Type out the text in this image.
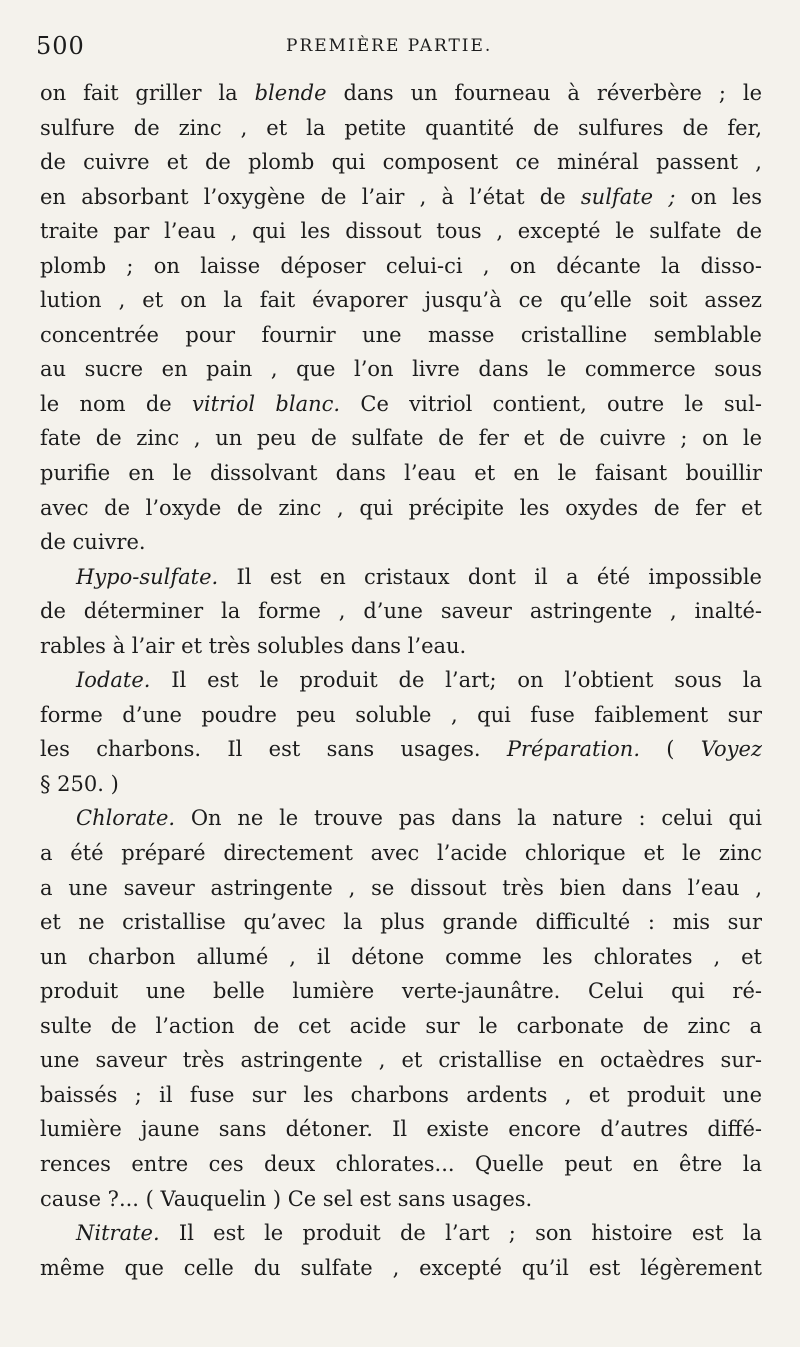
500	PREMIÈRE PARTIE.
on fait griller la blende dans un fourneau à réverbère ; le
sulfure de zinc , et la petite quantité de sulfures de fer,
de cuivre et de plomb qui composent ce minéral passent ,
en absorbant l’oxygène de l’air , à l’état de sulfate ; on les
traite par l’eau , qui les dissout tous , excepté le sulfate de
plomb ; on laisse déposer celui-ci , on décante la disso-
lution , et on la fait évaporer jusqu’à ce qu’elle soit assez
concentrée pour fournir une masse cristalline semblable
au sucre en pain , que l’on livre dans le commerce sous
le nom de vitriol blanc. Ce vitriol contient, outre le sul-
fate de zinc , un peu de sulfate de fer et de cuivre ; on le
purifie en le dissolvant dans l’eau et en le faisant bouillir
avec de l’oxyde de zinc , qui précipite les oxydes de fer et
de cuivre.
Hypo-sulfate. Il est en cristaux dont il a été impossible
de déterminer la forme , d’une saveur astringente , inalté-
rables à l’air et très solubles dans l’eau.
Iodate. Il est le produit de l’art; on l’obtient sous la
forme d’une poudre peu soluble , qui fuse faiblement sur
les charbons. Il est sans usages. Préparation. ( Voyez
§ 250. )
Chlorate. On ne le trouve pas dans la nature : celui qui
a été préparé directement avec l’acide chlorique et le zinc
a une saveur astringente , se dissout très bien dans l’eau ,
et ne cristallise qu’avec la plus grande difficulté : mis sur
un charbon allumé , il détone comme les chlorates , et
produit une belle lumière verte-jaunâtre. Celui qui ré-
sulte de l’action de cet acide sur le carbonate de zinc a
une saveur très astringente , et cristallise en octaèdres sur-
baissés ; il fuse sur les charbons ardents , et produit une
lumière jaune sans détoner. Il existe encore d’autres diffé-
rences entre ces deux chlorates... Quelle peut en être la
cause ?... ( Vauquelin ) Ce sel est sans usages.
Nitrate. Il est le produit de l’art ; son histoire est la
même que celle du sulfate , excepté qu’il est légèrement
